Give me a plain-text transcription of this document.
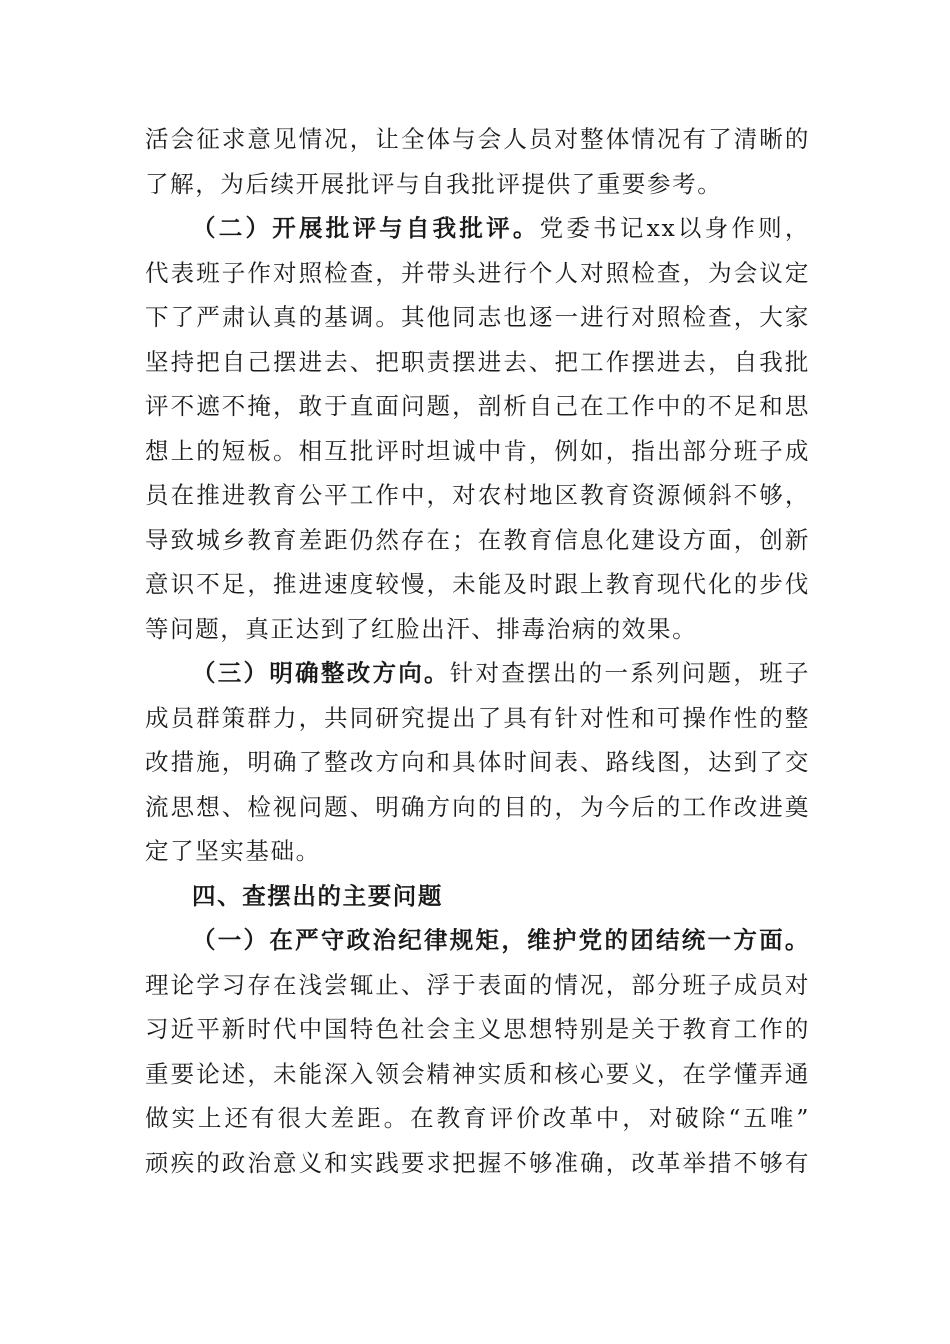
活会征求意见情况，让全体与会人员对整体情况有了清晰的
了解，为后续开展批评与自我批评提供了重要参考。
（二）开展批评与自我批评。党委书记xx以身作则，
代表班子作对照检查，并带头进行个人对照检查，为会议定
下了严肃认真的基调。其他同志也逐一进行对照检查，大家
坚持把自己摆进去、把职责摆进去、把工作摆进去，自我批
评不遮不掩，敢于直面问题，剖析自己在工作中的不足和思
想上的短板。相互批评时坦诚中肯，例如，指出部分班子成
员在推进教育公平工作中，对农村地区教育资源倾斜不够，
导致城乡教育差距仍然存在；在教育信息化建设方面，创新
意识不足，推进速度较慢，未能及时跟上教育现代化的步伐
等问题，真正达到了红脸出汗、排毒治病的效果。
（三）明确整改方向。针对查摆出的一系列问题，班子
成员群策群力，共同研究提出了具有针对性和可操作性的整
改措施，明确了整改方向和具体时间表、路线图，达到了交
流思想、检视问题、明确方向的目的，为今后的工作改进奠
定了坚实基础。
四、查摆出的主要问题
（一）在严守政治纪律规矩，维护党的团结统一方面。
理论学习存在浅尝辄止、浮于表面的情况，部分班子成员对
习近平新时代中国特色社会主义思想特别是关于教育工作的
重要论述，未能深入领会精神实质和核心要义，在学懂弄通
做实上还有很大差距。在教育评价改革中，对破除“五唯”
顽疾的政治意义和实践要求把握不够准确，改革举措不够有
